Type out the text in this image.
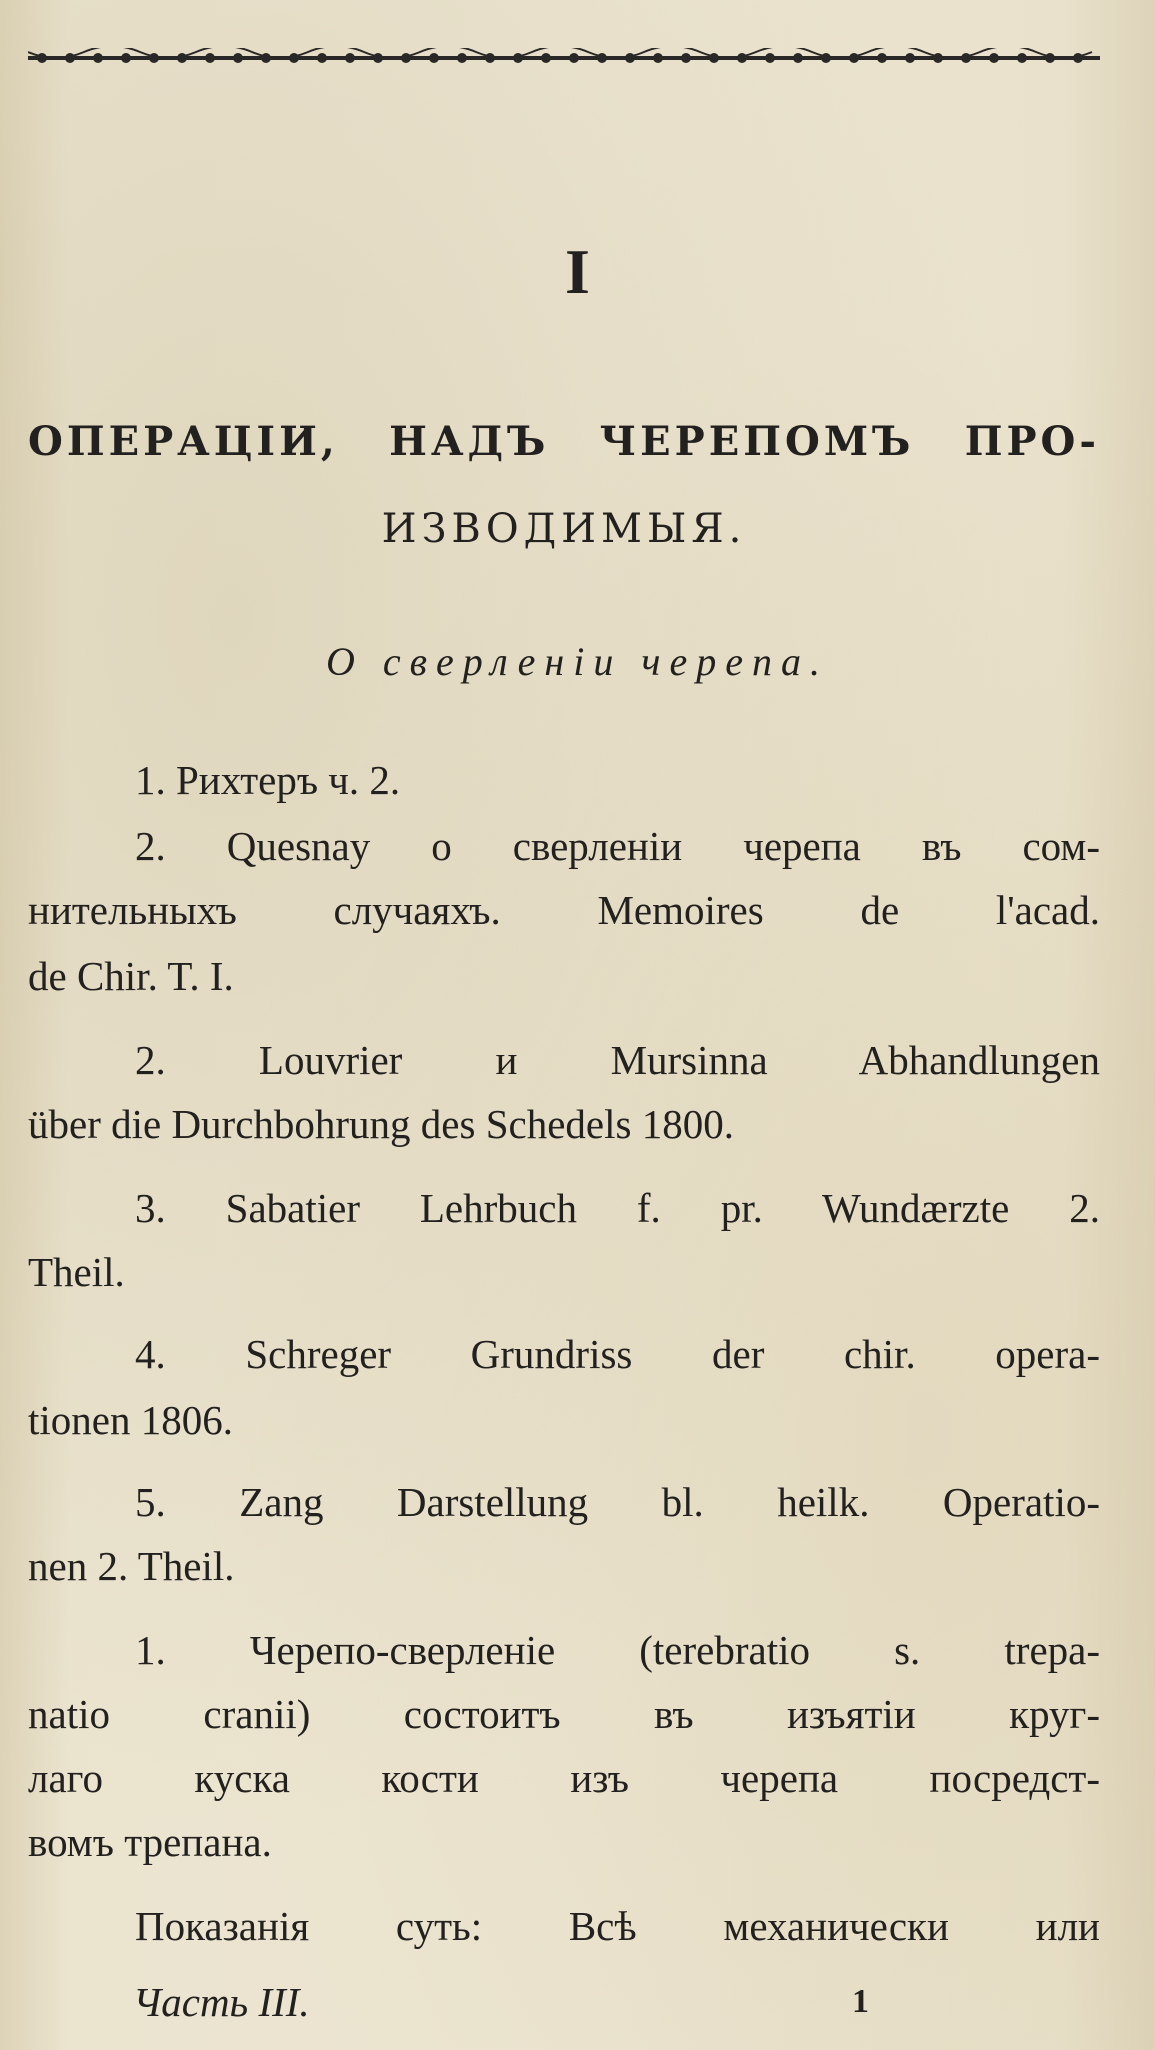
I
ОПЕРАЦIИ, НАДЪ ЧЕРЕПОМЪ ПРО-
ИЗВОДИМЫЯ.
О сверленiи черепа.
1. Рихтеръ ч. 2.
2. Quesnay о сверленiи черепа въ сом-
нительныхъ случаяхъ. Memoires de l'acad.
de Chir. T. I.
2. Louvrier и Mursinna Abhandlungen
über die Durchbohrung des Schedels 1800.
3. Sabatier Lehrbuch f. pr. Wundærzte 2.
Theil.
4. Schreger Grundriss der chir. opera-
tionen 1806.
5. Zang Darstellung bl. heilk. Operatio-
nen 2. Theil.
1. Черепо-сверленiе (terebratio s. trepa-
natio cranii) состоитъ въ изъятiи круг-
лаго куска кости изъ черепа посредст-
вомъ трепана.
Показанiя суть: Всѣ механически или
Часть III.	1
